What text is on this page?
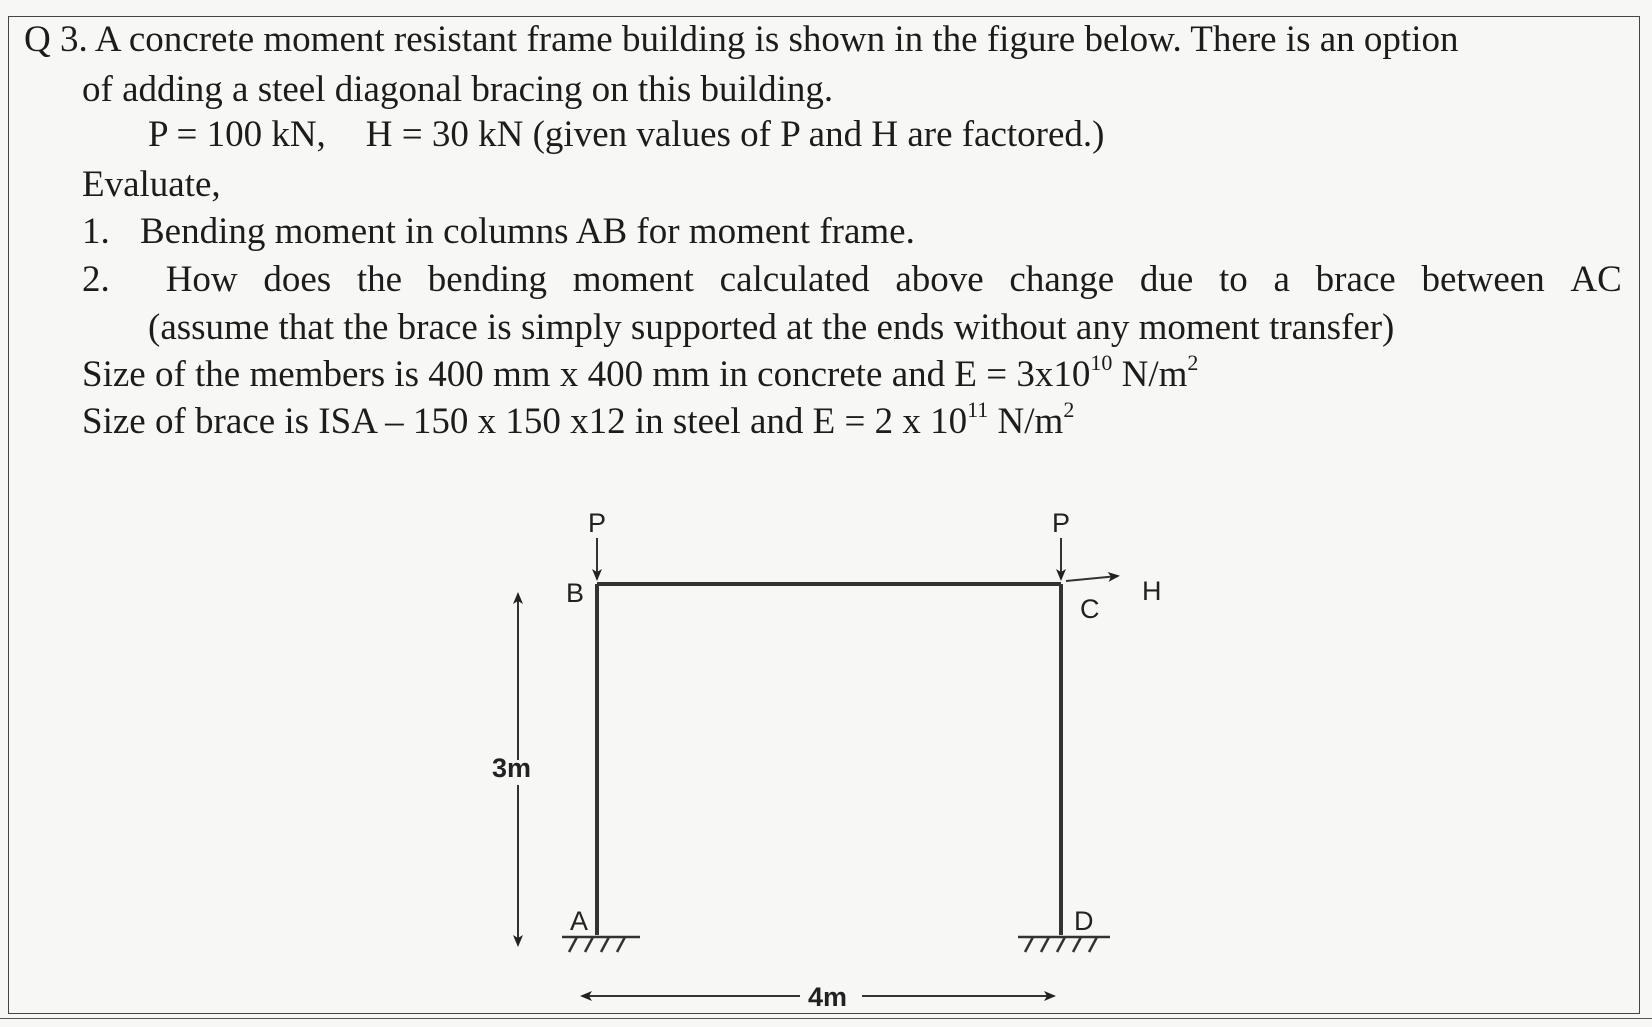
Q 3. A concrete moment resistant frame building is shown in the figure below. There is an option
of adding a steel diagonal bracing on this building.
P = 100 kN, H = 30 kN (given values of P and H are factored.)
Evaluate,
1. Bending moment in columns AB for moment frame.
2.	How does the bending moment calculated above change due to a brace between AC
(assume that the brace is simply supported at the ends without any moment transfer)
Size of the members is 400 mm x 400 mm in concrete and $E = 3x10^{10}$ $N/m^2$
Size of brace is ISA – 150 x 150 x12 in steel and E = 2 x $10^{11}$ $N/m^2$
P	P
H
B
C
A	D
3m
4m
